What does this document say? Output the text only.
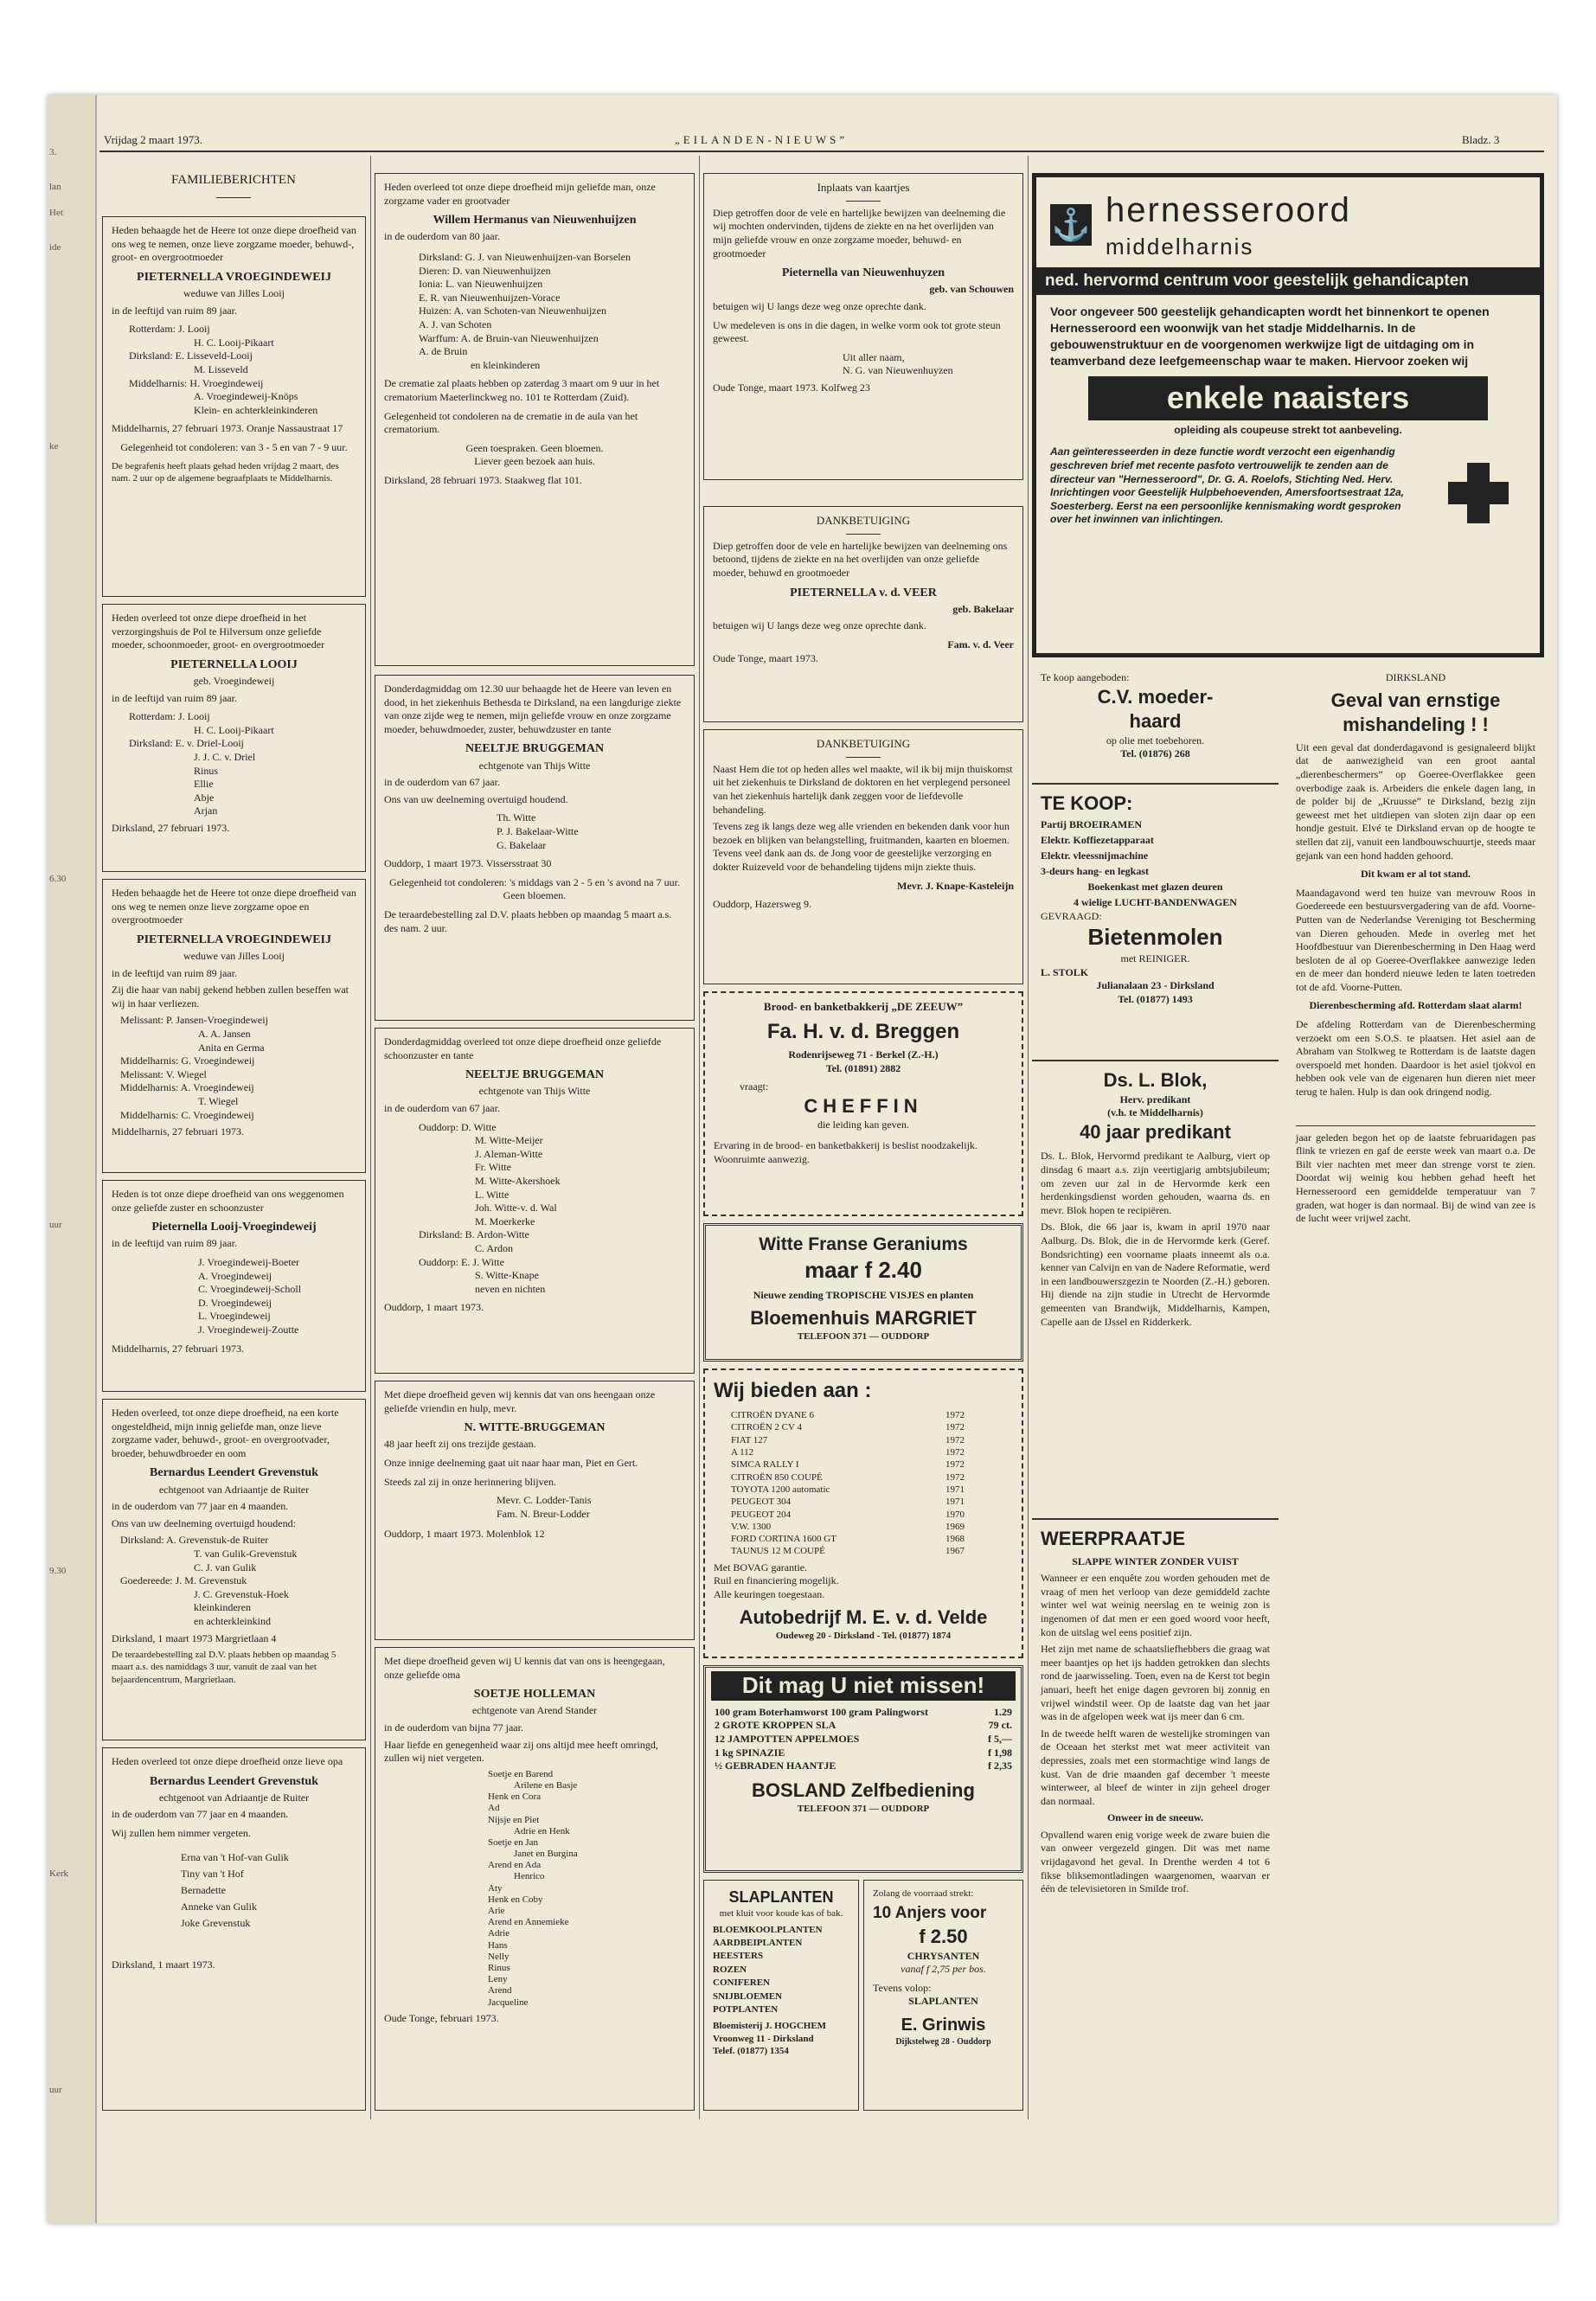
3.
lan
Het
ide
ke
6.30
uur
9.30
Kerk
uur
Vrijdag 2 maart 1973.	„EILANDEN-NIEUWS”	Bladz. 3
FAMILIEBERICHTEN
Heden behaagde het de Heere tot onze diepe droefheid van ons weg te nemen, onze lieve zorgzame moeder, behuwd-, groot- en overgrootmoeder
PIETERNELLA VROEGINDEWEIJ
weduwe van Jilles Looij
in de leeftijd van ruim 89 jaar.
Rotterdam: J. Looij
H. C. Looij-Pikaart
Dirksland: E. Lisseveld-Looij
M. Lisseveld
Middelharnis: H. Vroegindeweij
A. Vroegindeweij-Knöps
Klein- en achterkleinkinderen
Middelharnis, 27 februari 1973. Oranje Nassaustraat 17
Gelegenheid tot condoleren: van 3 - 5 en van 7 - 9 uur.
De begrafenis heeft plaats gehad heden vrijdag 2 maart, des nam. 2 uur op de algemene begraafplaats te Middelharnis.
Heden overleed tot onze diepe droefheid in het verzorgingshuis de Pol te Hilversum onze geliefde moeder, schoonmoeder, groot- en overgrootmoeder
PIETERNELLA LOOIJ
geb. Vroegindeweij
in de leeftijd van ruim 89 jaar.
Rotterdam: J. Looij
H. C. Looij-Pikaart
Dirksland: E. v. Driel-Looij
J. J. C. v. Driel
Rinus
Ellie
Abje
Arjan
Dirksland, 27 februari 1973.
Heden behaagde het de Heere tot onze diepe droefheid van ons weg te nemen onze lieve zorgzame opoe en overgrootmoeder
PIETERNELLA VROEGINDEWEIJ
weduwe van Jilles Looij
in de leeftijd van ruim 89 jaar.
Zij die haar van nabij gekend hebben zullen beseffen wat wij in haar verliezen.
Melissant: P. Jansen-Vroegindeweij
A. A. Jansen
Anita en Germa
Middelharnis: G. Vroegindeweij
Melissant: V. Wiegel
Middelharnis: A. Vroegindeweij
T. Wiegel
Middelharnis: C. Vroegindeweij
Middelharnis, 27 februari 1973.
Heden is tot onze diepe droefheid van ons weggenomen onze geliefde zuster en schoonzuster
Pieternella Looij-Vroegindeweij
in de leeftijd van ruim 89 jaar.
J. Vroegindeweij-Boeter
A. Vroegindeweij
C. Vroegindeweij-Scholl
D. Vroegindeweij
L. Vroegindeweij
J. Vroegindeweij-Zoutte
Middelharnis, 27 februari 1973.
Heden overleed, tot onze diepe droefheid, na een korte ongesteldheid, mijn innig geliefde man, onze lieve zorgzame vader, behuwd-, groot- en overgrootvader, broeder, behuwdbroeder en oom
Bernardus Leendert Grevenstuk
echtgenoot van Adriaantje de Ruiter
in de ouderdom van 77 jaar en 4 maanden.
Ons van uw deelneming overtuigd houdend:
Dirksland: A. Grevenstuk-de Ruiter
T. van Gulik-Grevenstuk
C. J. van Gulik
Goedereede: J. M. Grevenstuk
J. C. Grevenstuk-Hoek
kleinkinderen
en achterkleinkind
Dirksland, 1 maart 1973 Margrietlaan 4
De teraardebestelling zal D.V. plaats hebben op maandag 5 maart a.s. des namiddags 3 uur, vanuit de zaal van het bejaardencentrum, Margrietlaan.
Heden overleed tot onze diepe droefheid onze lieve opa
Bernardus Leendert Grevenstuk
echtgenoot van Adriaantje de Ruiter
in de ouderdom van 77 jaar en 4 maanden.
Wij zullen hem nimmer vergeten.
Erna van 't Hof-van Gulik
Tiny van 't Hof
Bernadette
Anneke van Gulik
Joke Grevenstuk
Dirksland, 1 maart 1973.
Heden overleed tot onze diepe droefheid mijn geliefde man, onze zorgzame vader en grootvader
Willem Hermanus van Nieuwenhuijzen
in de ouderdom van 80 jaar.
Dirksland: G. J. van Nieuwenhuijzen-van Borselen
Dieren: D. van Nieuwenhuijzen
Ionia: L. van Nieuwenhuijzen
E. R. van Nieuwenhuijzen-Vorace
Huizen: A. van Schoten-van Nieuwenhuijzen
A. J. van Schoten
Warffum: A. de Bruin-van Nieuwenhuijzen
A. de Bruin
en kleinkinderen
De crematie zal plaats hebben op zaterdag 3 maart om 9 uur in het crematorium Maeterlinckweg no. 101 te Rotterdam (Zuid).
Gelegenheid tot condoleren na de crematie in de aula van het crematorium.
Geen toespraken. Geen bloemen.
Liever geen bezoek aan huis.
Dirksland, 28 februari 1973. Staakweg flat 101.
Donderdagmiddag om 12.30 uur behaagde het de Heere van leven en dood, in het ziekenhuis Bethesda te Dirksland, na een langdurige ziekte van onze zijde weg te nemen, mijn geliefde vrouw en onze zorgzame moeder, behuwdmoeder, zuster, behuwdzuster en tante
NEELTJE BRUGGEMAN
echtgenote van Thijs Witte
in de ouderdom van 67 jaar.
Ons van uw deelneming overtuigd houdend.
Th. Witte
P. J. Bakelaar-Witte
G. Bakelaar
Ouddorp, 1 maart 1973. Vissersstraat 30
Gelegenheid tot condoleren: 's middags van 2 - 5 en 's avond na 7 uur.
Geen bloemen.
De teraardebestelling zal D.V. plaats hebben op maandag 5 maart a.s. des nam. 2 uur.
Donderdagmiddag overleed tot onze diepe droefheid onze geliefde schoonzuster en tante
NEELTJE BRUGGEMAN
echtgenote van Thijs Witte
in de ouderdom van 67 jaar.
Ouddorp: D. Witte
M. Witte-Meijer
J. Aleman-Witte
Fr. Witte
M. Witte-Akershoek
L. Witte
Joh. Witte-v. d. Wal
M. Moerkerke
Dirksland: B. Ardon-Witte
C. Ardon
Ouddorp: E. J. Witte
S. Witte-Knape
neven en nichten
Ouddorp, 1 maart 1973.
Met diepe droefheid geven wij kennis dat van ons heengaan onze geliefde vriendin en hulp, mevr.
N. WITTE-BRUGGEMAN
48 jaar heeft zij ons trezijde gestaan.
Onze innige deelneming gaat uit naar haar man, Piet en Gert.
Steeds zal zij in onze herinnering blijven.
Mevr. C. Lodder-Tanis
Fam. N. Breur-Lodder
Ouddorp, 1 maart 1973. Molenblok 12
Met diepe droefheid geven wij U kennis dat van ons is heengegaan, onze geliefde oma
SOETJE HOLLEMAN
echtgenote van Arend Stander
in de ouderdom van bijna 77 jaar.
Haar liefde en genegenheid waar zij ons altijd mee heeft omringd, zullen wij niet vergeten.
Soetje en Barend
Arilene en Basje
Henk en Cora
Ad
Nijsje en Piet
Adrie en Henk
Soetje en Jan
Janet en Burgina
Arend en Ada
Henrico
Aty
Henk en Coby
Arie
Arend en Annemieke
Adrie
Hans
Nelly
Rinus
Leny
Arend
Jacqueline
Oude Tonge, februari 1973.
Inplaats van kaartjes
Diep getroffen door de vele en hartelijke bewijzen van deelneming die wij mochten ondervinden, tijdens de ziekte en na het overlijden van mijn geliefde vrouw en onze zorgzame moeder, behuwd- en grootmoeder
Pieternella van Nieuwenhuyzen
geb. van Schouwen
betuigen wij U langs deze weg onze oprechte dank.
Uw medeleven is ons in die dagen, in welke vorm ook tot grote steun geweest.
Uit aller naam,
N. G. van Nieuwenhuyzen
Oude Tonge, maart 1973. Kolfweg 23
DANKBETUIGING
Diep getroffen door de vele en hartelijke bewijzen van deelneming ons betoond, tijdens de ziekte en na het overlijden van onze geliefde moeder, behuwd en grootmoeder
PIETERNELLA v. d. VEER
geb. Bakelaar
betuigen wij U langs deze weg onze oprechte dank.
Fam. v. d. Veer
Oude Tonge, maart 1973.
DANKBETUIGING
Naast Hem die tot op heden alles wel maakte, wil ik bij mijn thuiskomst uit het ziekenhuis te Dirksland de doktoren en het verplegend personeel van het ziekenhuis hartelijk dank zeggen voor de liefdevolle behandeling.
Tevens zeg ik langs deze weg alle vrienden en bekenden dank voor hun bezoek en blijken van belangstelling, fruitmanden, kaarten en bloemen. Tevens veel dank aan ds. de Jong voor de geestelijke verzorging en dokter Ruizeveld voor de behandeling tijdens mijn ziekte thuis.
Mevr. J. Knape-Kasteleijn
Ouddorp, Hazersweg 9.
Brood- en banketbakkerij „DE ZEEUW”
Fa. H. v. d. Breggen
Rodenrijseweg 71 - Berkel (Z.-H.)
Tel. (01891) 2882
vraagt:
CHEFFIN
die leiding kan geven.
Ervaring in de brood- en banketbakkerij is beslist noodzakelijk. Woonruimte aanwezig.
Witte Franse Geraniums
maar f 2.40
Nieuwe zending TROPISCHE VISJES en planten
Bloemenhuis MARGRIET
TELEFOON 371 — OUDDORP
Wij bieden aan :
CITROËN DYANE 6	1972
CITROËN 2 CV 4	1972
FIAT 127	1972
A 112	1972
SIMCA RALLY I	1972
CITROËN 850 COUPÉ	1972
TOYOTA 1200 automatic	1971
PEUGEOT 304	1971
PEUGEOT 204	1970
V.W. 1300	1969
FORD CORTINA 1600 GT	1968
TAUNUS 12 M COUPÉ	1967
Met BOVAG garantie.
Ruil en financiering mogelijk.
Alle keuringen toegestaan.
Autobedrijf M. E. v. d. Velde
Oudeweg 20 - Dirksland - Tel. (01877) 1874
Dit mag U niet missen!
100 gram Boterhamworst 100 gram Palingworst	1.29
2 GROTE KROPPEN SLA	79 ct.
12 JAMPOTTEN APPELMOES	f 5,—
1 kg SPINAZIE	f 1,98
½ GEBRADEN HAANTJE	f 2,35
BOSLAND Zelfbediening
TELEFOON 371 — OUDDORP
SLAPLANTEN
met kluit voor koude kas of bak.
BLOEMKOOLPLANTEN
AARDBEIPLANTEN
HEESTERS
ROZEN
CONIFEREN
SNIJBLOEMEN
POTPLANTEN
Bloemisterij J. HOGCHEM
Vroonweg 11 - Dirksland
Telef. (01877) 1354
Zolang de voorraad strekt:
10 Anjers voor
f 2.50
CHRYSANTEN
vanaf f 2,75 per bos.
Tevens volop:
SLAPLANTEN
E. Grinwis
Dijkstelweg 28 - Ouddorp
⚓ hernesseroord
middelharnis
ned. hervormd centrum voor geestelijk gehandicapten
Voor ongeveer 500 geestelijk gehandicapten wordt het binnenkort te openen Hernesseroord een woonwijk van het stadje Middelharnis. In de gebouwenstruktuur en de voorgenomen werkwijze ligt de uitdaging om in teamverband deze leefgemeenschap waar te maken. Hiervoor zoeken wij
enkele naaisters
opleiding als coupeuse strekt tot aanbeveling.
Aan geïnteresseerden in deze functie wordt verzocht een eigenhandig geschreven brief met recente pasfoto vertrouwelijk te zenden aan de directeur van "Hernesseroord", Dr. G. A. Roelofs, Stichting Ned. Herv. Inrichtingen voor Geestelijk Hulpbehoevenden, Amersfoortsestraat 12a, Soesterberg. Eerst na een persoonlijke kennismaking wordt gesproken over het inwinnen van inlichtingen.
Te koop aangeboden:
C.V. moeder-
haard
op olie met toebehoren.
Tel. (01876) 268
TE KOOP:
Partij BROEIRAMEN
Elektr. Koffiezetapparaat
Elektr. vleessnijmachine
3-deurs hang- en legkast
Boekenkast met glazen deuren
4 wielige LUCHT-BANDENWAGEN
GEVRAAGD:
Bietenmolen
met REINIGER.
L. STOLK
Julianalaan 23 - Dirksland
Tel. (01877) 1493
Ds. L. Blok,
Herv. predikant
(v.h. te Middelharnis)
40 jaar predikant
Ds. L. Blok, Hervormd predikant te Aalburg, viert op dinsdag 6 maart a.s. zijn veertigjarig ambtsjubileum; om zeven uur zal in de Hervormde kerk een herdenkingsdienst worden gehouden, waarna ds. en mevr. Blok hopen te recipiëren.
Ds. Blok, die 66 jaar is, kwam in april 1970 naar Aalburg. Ds. Blok, die in de Hervormde kerk (Geref. Bondsrichting) een voorname plaats inneemt als o.a. kenner van Calvijn en van de Nadere Reformatie, werd in een landbouwerszgezin te Noorden (Z.-H.) geboren. Hij diende na zijn studie in Utrecht de Hervormde gemeenten van Brandwijk, Middelharnis, Kampen, Capelle aan de IJssel en Ridderkerk.
WEERPRAATJE
SLAPPE WINTER ZONDER VUIST
Wanneer er een enquête zou worden gehouden met de vraag of men het verloop van deze gemiddeld zachte winter wel wat weinig neerslag en te weinig zon is ingenomen of dat men er een goed woord voor heeft, kon de uitslag wel eens positief zijn.
Het zijn met name de schaatsliefhebbers die graag wat meer baantjes op het ijs hadden getrokken dan slechts rond de jaarwisseling. Toen, even na de Kerst tot begin januari, heeft het enige dagen gevroren bij zonnig en vrijwel windstil weer. Op de laatste dag van het jaar was in de afgelopen week wat ijs meer dan 6 cm.
In de tweede helft waren de westelijke stromingen van de Oceaan het sterkst met wat meer activiteit van depressies, zoals met een stormachtige wind langs de kust. Van de drie maanden gaf december 't meeste winterweer, al bleef de winter in zijn geheel droger dan normaal.
Onweer in de sneeuw.
Opvallend waren enig vorige week de zware buien die van onweer vergezeld gingen. Dit was met name vrijdagavond het geval. In Drenthe werden 4 tot 6 fikse bliksemontladingen waargenomen, waarvan er één de televisietoren in Smilde trof.
DIRKSLAND
Geval van ernstige mishandeling ! !
Uit een geval dat donderdagavond is gesignaleerd blijkt dat de aanwezigheid van een groot aantal „dierenbeschermers” op Goeree-Overflakkee geen overbodige zaak is. Arbeiders die enkele dagen lang, in de polder bij de „Kruusse” te Dirksland, bezig zijn geweest met het uitdiepen van sloten zijn daar op een hondje gestuit. Elvé te Dirksland ervan op de hoogte te stellen dat zij, vanuit een landbouwschuurtje, steeds maar gejank van een hond hadden gehoord.
Dit kwam er al tot stand.
Maandagavond werd ten huize van mevrouw Roos in Goedereede een bestuursvergadering van de afd. Voorne-Putten van de Nederlandse Vereniging tot Bescherming van Dieren gehouden. Mede in overleg met het Hoofdbestuur van Dierenbescherming in Den Haag werd besloten de al op Goeree-Overflakkee aanwezige leden en de meer dan honderd nieuwe leden te laten toetreden tot de afd. Voorne-Putten.
Dierenbescherming afd. Rotterdam slaat alarm!
De afdeling Rotterdam van de Dierenbescherming verzoekt om een S.O.S. te plaatsen. Het asiel aan de Abraham van Stolkweg te Rotterdam is de laatste dagen overspoeld met honden. Daardoor is het asiel tjokvol en hebben ook vele van de eigenaren hun dieren niet meer terug te halen. Hulp is dan ook dringend nodig.
jaar geleden begon het op de laatste februaridagen pas flink te vriezen en gaf de eerste week van maart o.a. De Bilt vier nachten met meer dan strenge vorst te zien. Doordat wij weinig kou hebben gehad heeft het Hernesseroord een gemiddelde temperatuur van 7 graden, wat hoger is dan normaal. Bij de wind van zee is de lucht weer vrijwel zacht.
